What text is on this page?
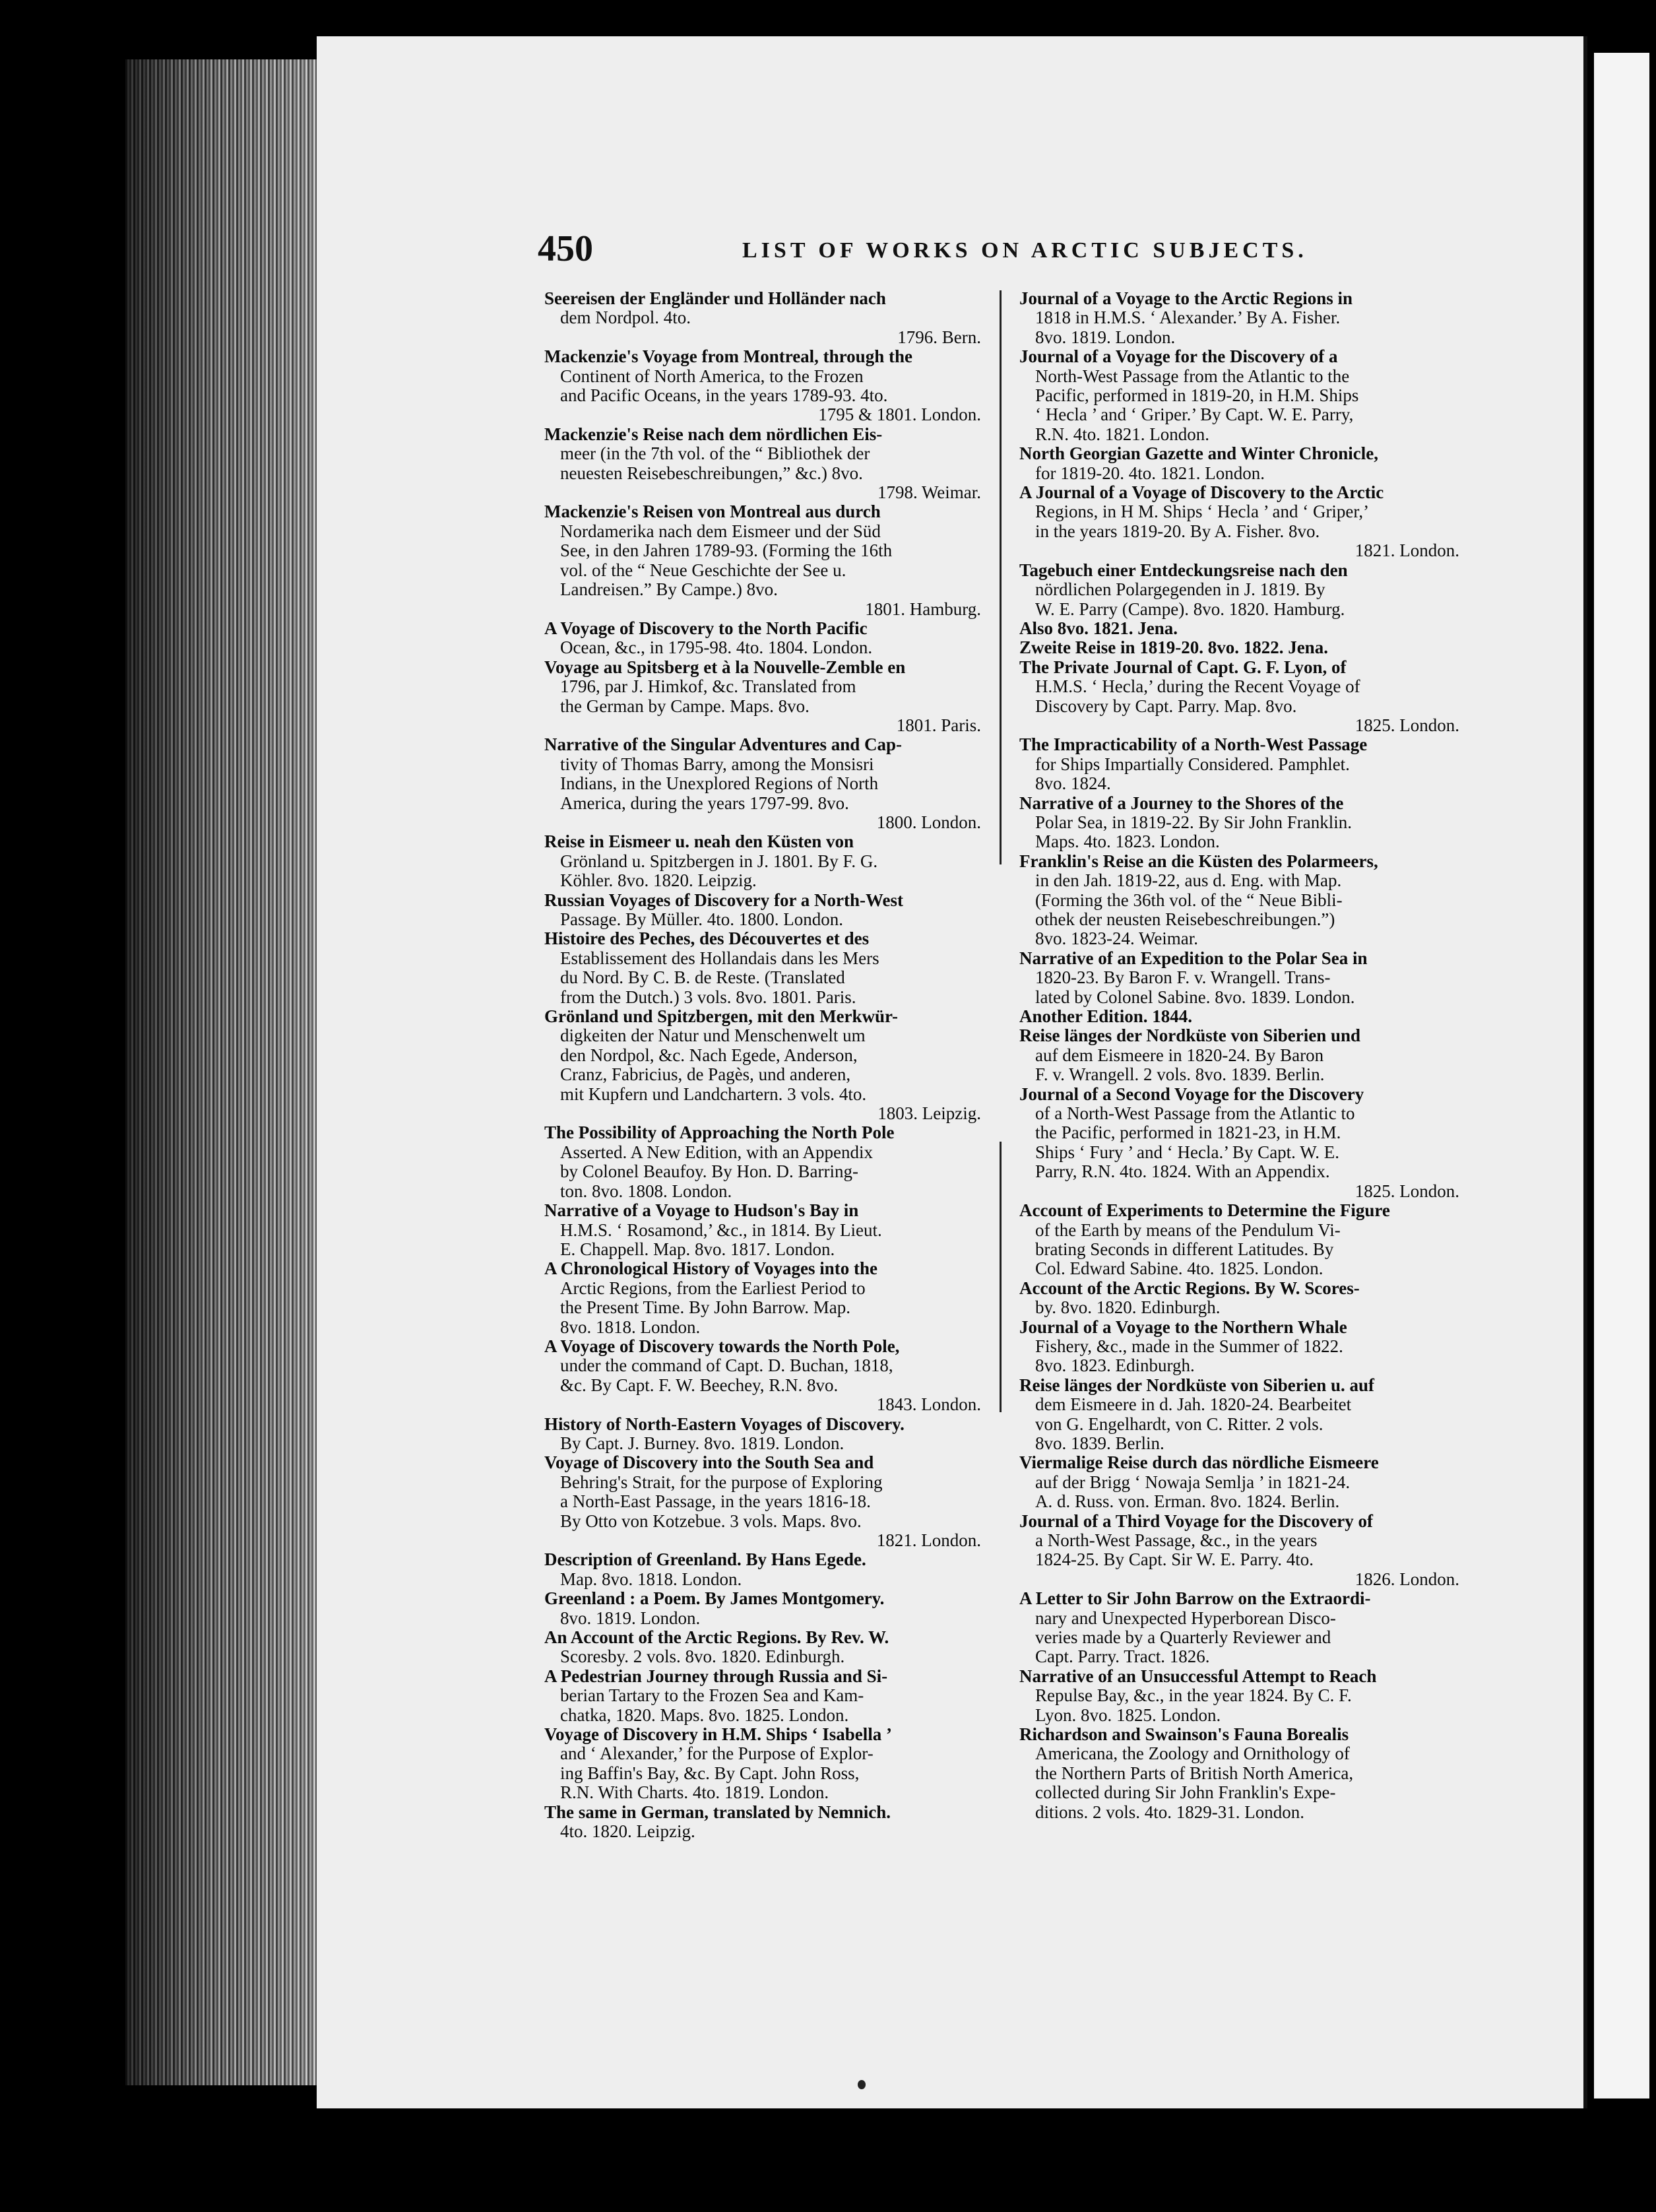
450	LIST OF WORKS ON ARCTIC SUBJECTS.
Seereisen der Engländer und Holländer nach
dem Nordpol. 4to.
1796. Bern.
Mackenzie's Voyage from Montreal, through the
Continent of North America, to the Frozen
and Pacific Oceans, in the years 1789-93. 4to.
1795 & 1801. London.
Mackenzie's Reise nach dem nördlichen Eis-
meer (in the 7th vol. of the “ Bibliothek der
neuesten Reisebeschreibungen,” &c.) 8vo.
1798. Weimar.
Mackenzie's Reisen von Montreal aus durch
Nordamerika nach dem Eismeer und der Süd
See, in den Jahren 1789-93. (Forming the 16th
vol. of the “ Neue Geschichte der See u.
Landreisen.” By Campe.) 8vo.
1801. Hamburg.
A Voyage of Discovery to the North Pacific
Ocean, &c., in 1795-98. 4to. 1804. London.
Voyage au Spitsberg et à la Nouvelle-Zemble en
1796, par J. Himkof, &c. Translated from
the German by Campe. Maps. 8vo.
1801. Paris.
Narrative of the Singular Adventures and Cap-
tivity of Thomas Barry, among the Monsisri
Indians, in the Unexplored Regions of North
America, during the years 1797-99. 8vo.
1800. London.
Reise in Eismeer u. neah den Küsten von
Grönland u. Spitzbergen in J. 1801. By F. G.
Köhler. 8vo. 1820. Leipzig.
Russian Voyages of Discovery for a North-West
Passage. By Müller. 4to. 1800. London.
Histoire des Peches, des Découvertes et des
Establissement des Hollandais dans les Mers
du Nord. By C. B. de Reste. (Translated
from the Dutch.) 3 vols. 8vo. 1801. Paris.
Grönland und Spitzbergen, mit den Merkwür-
digkeiten der Natur und Menschenwelt um
den Nordpol, &c. Nach Egede, Anderson,
Cranz, Fabricius, de Pagès, und anderen,
mit Kupfern und Landchartern. 3 vols. 4to.
1803. Leipzig.
The Possibility of Approaching the North Pole
Asserted. A New Edition, with an Appendix
by Colonel Beaufoy. By Hon. D. Barring-
ton. 8vo. 1808. London.
Narrative of a Voyage to Hudson's Bay in
H.M.S. ‘ Rosamond,’ &c., in 1814. By Lieut.
E. Chappell. Map. 8vo. 1817. London.
A Chronological History of Voyages into the
Arctic Regions, from the Earliest Period to
the Present Time. By John Barrow. Map.
8vo. 1818. London.
A Voyage of Discovery towards the North Pole,
under the command of Capt. D. Buchan, 1818,
&c. By Capt. F. W. Beechey, R.N. 8vo.
1843. London.
History of North-Eastern Voyages of Discovery.
By Capt. J. Burney. 8vo. 1819. London.
Voyage of Discovery into the South Sea and
Behring's Strait, for the purpose of Exploring
a North-East Passage, in the years 1816-18.
By Otto von Kotzebue. 3 vols. Maps. 8vo.
1821. London.
Description of Greenland. By Hans Egede.
Map. 8vo. 1818. London.
Greenland : a Poem. By James Montgomery.
8vo. 1819. London.
An Account of the Arctic Regions. By Rev. W.
Scoresby. 2 vols. 8vo. 1820. Edinburgh.
A Pedestrian Journey through Russia and Si-
berian Tartary to the Frozen Sea and Kam-
chatka, 1820. Maps. 8vo. 1825. London.
Voyage of Discovery in H.M. Ships ‘ Isabella ’
and ‘ Alexander,’ for the Purpose of Explor-
ing Baffin's Bay, &c. By Capt. John Ross,
R.N. With Charts. 4to. 1819. London.
The same in German, translated by Nemnich.
4to. 1820. Leipzig.
Journal of a Voyage to the Arctic Regions in
1818 in H.M.S. ‘ Alexander.’ By A. Fisher.
8vo. 1819. London.
Journal of a Voyage for the Discovery of a
North-West Passage from the Atlantic to the
Pacific, performed in 1819-20, in H.M. Ships
‘ Hecla ’ and ‘ Griper.’ By Capt. W. E. Parry,
R.N. 4to. 1821. London.
North Georgian Gazette and Winter Chronicle,
for 1819-20. 4to. 1821. London.
A Journal of a Voyage of Discovery to the Arctic
Regions, in H M. Ships ‘ Hecla ’ and ‘ Griper,’
in the years 1819-20. By A. Fisher. 8vo.
1821. London.
Tagebuch einer Entdeckungsreise nach den
nördlichen Polargegenden in J. 1819. By
W. E. Parry (Campe). 8vo. 1820. Hamburg.
Also 8vo. 1821. Jena.
Zweite Reise in 1819-20. 8vo. 1822. Jena.
The Private Journal of Capt. G. F. Lyon, of
H.M.S. ‘ Hecla,’ during the Recent Voyage of
Discovery by Capt. Parry. Map. 8vo.
1825. London.
The Impracticability of a North-West Passage
for Ships Impartially Considered. Pamphlet.
8vo. 1824.
Narrative of a Journey to the Shores of the
Polar Sea, in 1819-22. By Sir John Franklin.
Maps. 4to. 1823. London.
Franklin's Reise an die Küsten des Polarmeers,
in den Jah. 1819-22, aus d. Eng. with Map.
(Forming the 36th vol. of the “ Neue Bibli-
othek der neusten Reisebeschreibungen.”)
8vo. 1823-24. Weimar.
Narrative of an Expedition to the Polar Sea in
1820-23. By Baron F. v. Wrangell. Trans-
lated by Colonel Sabine. 8vo. 1839. London.
Another Edition. 1844.
Reise länges der Nordküste von Siberien und
auf dem Eismeere in 1820-24. By Baron
F. v. Wrangell. 2 vols. 8vo. 1839. Berlin.
Journal of a Second Voyage for the Discovery
of a North-West Passage from the Atlantic to
the Pacific, performed in 1821-23, in H.M.
Ships ‘ Fury ’ and ‘ Hecla.’ By Capt. W. E.
Parry, R.N. 4to. 1824. With an Appendix.
1825. London.
Account of Experiments to Determine the Figure
of the Earth by means of the Pendulum Vi-
brating Seconds in different Latitudes. By
Col. Edward Sabine. 4to. 1825. London.
Account of the Arctic Regions. By W. Scores-
by. 8vo. 1820. Edinburgh.
Journal of a Voyage to the Northern Whale
Fishery, &c., made in the Summer of 1822.
8vo. 1823. Edinburgh.
Reise länges der Nordküste von Siberien u. auf
dem Eismeere in d. Jah. 1820-24. Bearbeitet
von G. Engelhardt, von C. Ritter. 2 vols.
8vo. 1839. Berlin.
Viermalige Reise durch das nördliche Eismeere
auf der Brigg ‘ Nowaja Semlja ’ in 1821-24.
A. d. Russ. von. Erman. 8vo. 1824. Berlin.
Journal of a Third Voyage for the Discovery of
a North-West Passage, &c., in the years
1824-25. By Capt. Sir W. E. Parry. 4to.
1826. London.
A Letter to Sir John Barrow on the Extraordi-
nary and Unexpected Hyperborean Disco-
veries made by a Quarterly Reviewer and
Capt. Parry. Tract. 1826.
Narrative of an Unsuccessful Attempt to Reach
Repulse Bay, &c., in the year 1824. By C. F.
Lyon. 8vo. 1825. London.
Richardson and Swainson's Fauna Borealis
Americana, the Zoology and Ornithology of
the Northern Parts of British North America,
collected during Sir John Franklin's Expe-
ditions. 2 vols. 4to. 1829-31. London.
